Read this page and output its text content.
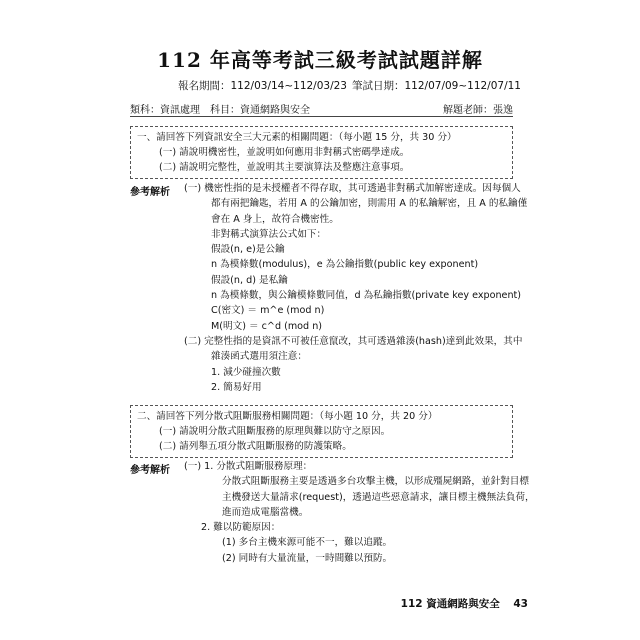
112 年高等考試三級考試試題詳解
報名期間：112/03/14~112/03/23 筆試日期：112/07/09~112/07/11
類科：資訊處理　科目：資通網路與安全	解題老師：張逸
一、請回答下列資訊安全三大元素的相關問題：（每小題 15 分，共 30 分）
(一) 請說明機密性，並說明如何應用非對稱式密碼學達成。
(二) 請說明完整性，並說明其主要演算法及整應注意事項。
參考解析 (一) 機密性指的是未授權者不得存取，其可透過非對稱式加解密達成。因每個人
都有兩把鑰匙，若用 A 的公鑰加密，則需用 A 的私鑰解密，且 A 的私鑰僅
會在 A 身上，故符合機密性。
非對稱式演算法公式如下：
假設(n, e)是公鑰
n 為模條數(modulus)，e 為公鑰指數(public key exponent)
假設(n, d) 是私鑰
n 為模條數，與公鑰模條數同值，d 為私鑰指數(private key exponent)
C(密文) ＝ m^e (mod n)
M(明文) ＝ c^d (mod n)
(二) 完整性指的是資訊不可被任意竄改，其可透過雜湊(hash)達到此效果，其中
雜湊函式選用須注意：
1. 減少碰撞次數
2. 簡易好用
二、請回答下列分散式阻斷服務相關問題：（每小題 10 分，共 20 分）
(一) 請說明分散式阻斷服務的原理與難以防守之原因。
(二) 請列舉五項分散式阻斷服務的防護策略。
參考解析 (一) 1. 分散式阻斷服務原理：
分散式阻斷服務主要是透過多台攻擊主機，以形成殭屍網路，並針對目標
主機發送大量請求(request)，透過這些惡意請求，讓目標主機無法負荷，
進而造成電腦當機。
2. 難以防範原因：
(1) 多台主機來源可能不一，難以追蹤。
(2) 同時有大量流量，一時間難以預防。
112 資通網路與安全 43
